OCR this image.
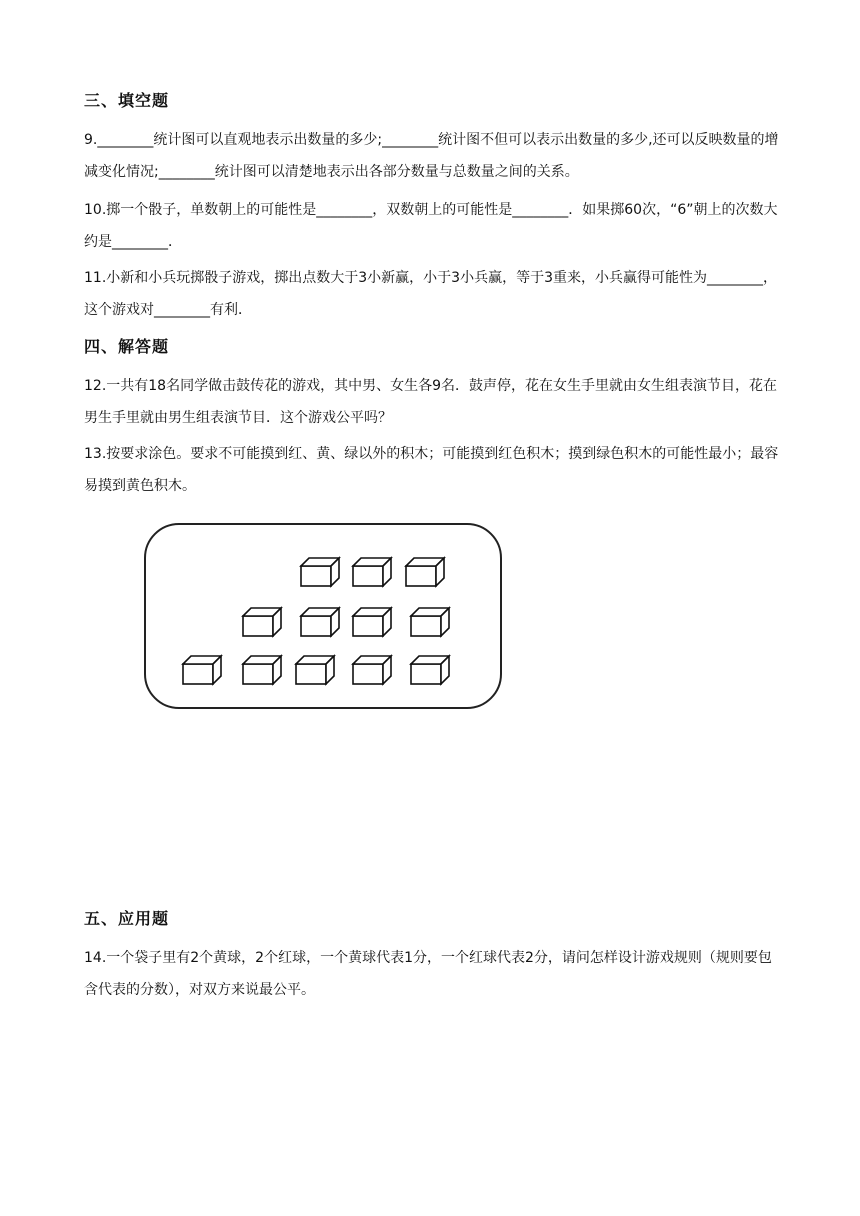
三、填空题

9.________统计图可以直观地表示出数量的多少;________统计图不但可以表示出数量的多少,还可以反映数量的增减变化情况;________统计图可以清楚地表示出各部分数量与总数量之间的关系。

10.掷一个骰子，单数朝上的可能性是________，双数朝上的可能性是________．如果掷60次，“6”朝上的次数大约是________．

11.小新和小兵玩掷骰子游戏，掷出点数大于3小新赢，小于3小兵赢，等于3重来，小兵赢得可能性为________，这个游戏对________有利．

四、解答题

12.一共有18名同学做击鼓传花的游戏，其中男、女生各9名．鼓声停，花在女生手里就由女生组表演节目，花在男生手里就由男生组表演节目．这个游戏公平吗？

13.按要求涂色。要求不可能摸到红、黄、绿以外的积木；可能摸到红色积木；摸到绿色积木的可能性最小；最容易摸到黄色积木。

五、应用题

14.一个袋子里有2个黄球，2个红球，一个黄球代表1分，一个红球代表2分，请问怎样设计游戏规则（规则要包含代表的分数），对双方来说最公平。
